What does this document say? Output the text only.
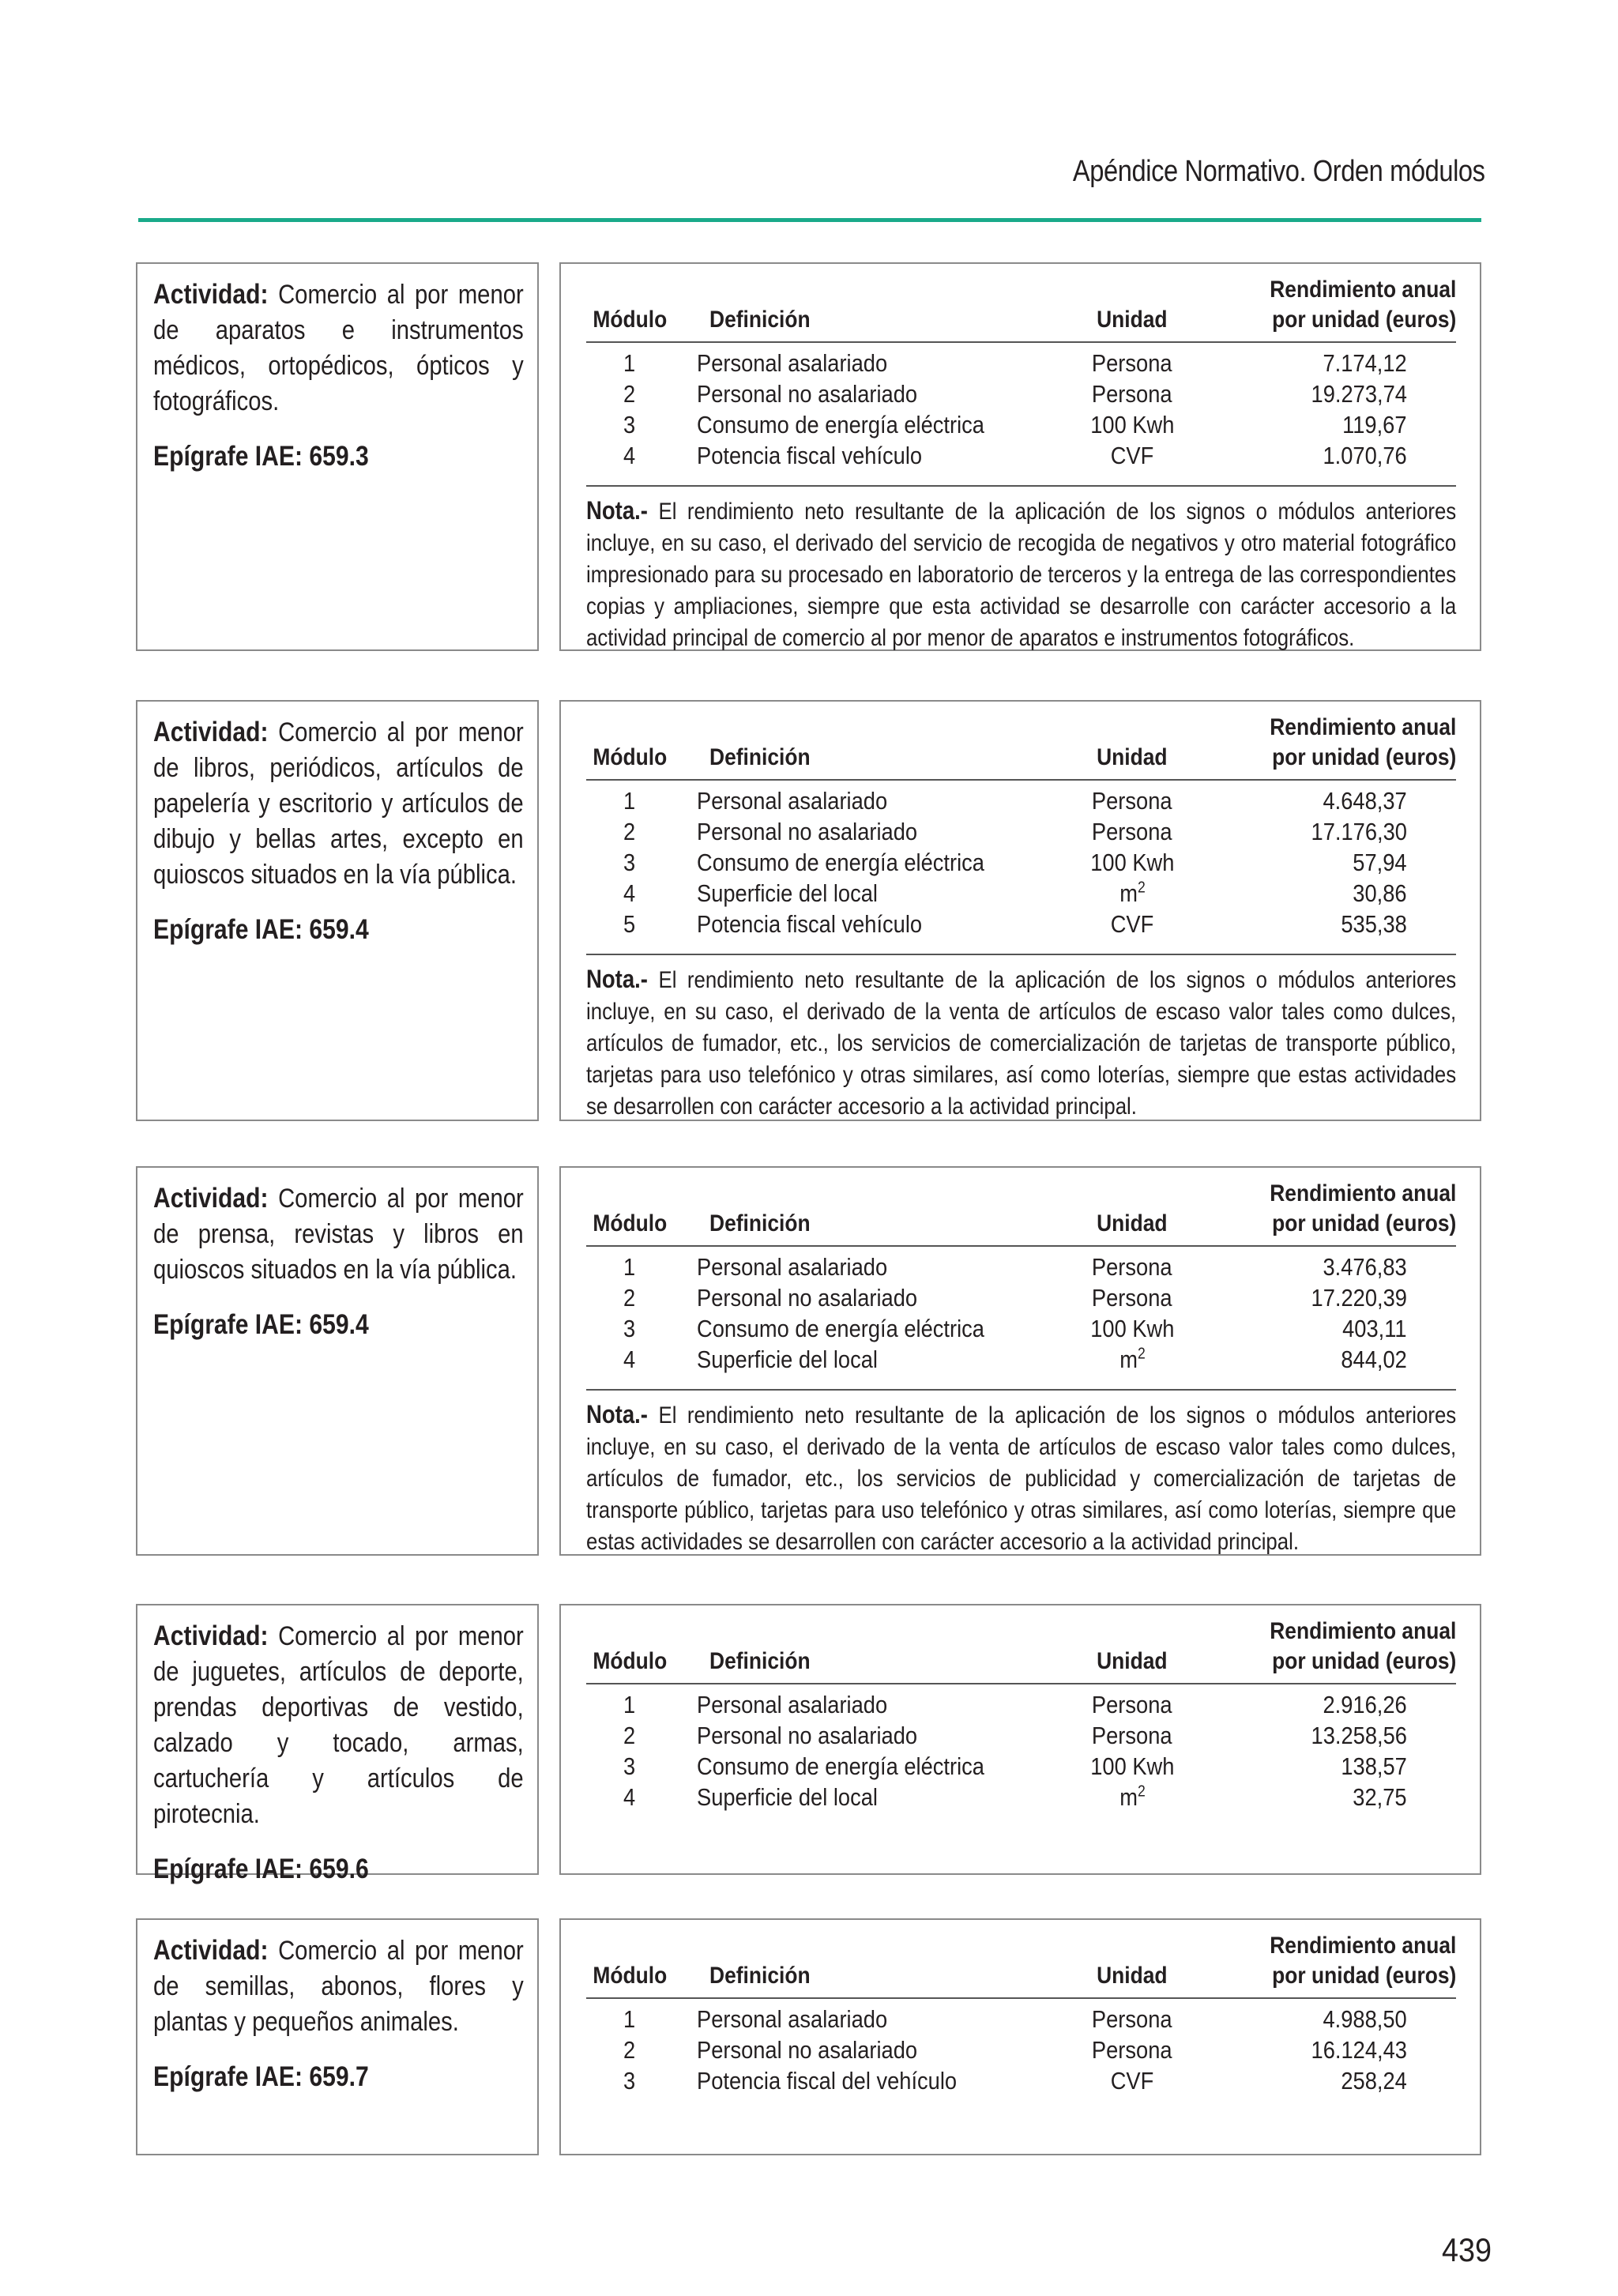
Apéndice Normativo. Orden módulos
Actividad: Comercio al por menor de aparatos e instrumentos médicos, ortopédicos, ópticos y fotográficos.
Epígrafe IAE: 659.3
Módulo	Definición	Unidad	Rendimiento anual
por unidad (euros)
1	Personal asalariado	Persona	7.174,12
2	Personal no asalariado	Persona	19.273,74
3	Consumo de energía eléctrica	100 Kwh	119,67
4	Potencia fiscal vehículo	CVF	1.070,76
Nota.- El rendimiento neto resultante de la aplicación de los signos o módulos anteriores incluye, en su caso, el derivado del servicio de recogida de negativos y otro material fotográfico impresionado para su procesado en laboratorio de terceros y la entrega de las correspondientes copias y ampliaciones, siempre que esta actividad se desarrolle con carácter accesorio a la actividad principal de comercio al por menor de aparatos e instrumentos fotográficos.
Actividad: Comercio al por menor de libros, periódicos, artículos de papelería y escritorio y artículos de dibujo y bellas artes, excepto en quioscos situados en la vía pública.
Epígrafe IAE: 659.4
Módulo	Definición	Unidad	Rendimiento anual
por unidad (euros)
1	Personal asalariado	Persona	4.648,37
2	Personal no asalariado	Persona	17.176,30
3	Consumo de energía eléctrica	100 Kwh	57,94
4	Superficie del local	$m^2$	30,86
5	Potencia fiscal vehículo	CVF	535,38
Nota.- El rendimiento neto resultante de la aplicación de los signos o módulos anteriores incluye, en su caso, el derivado de la venta de artículos de escaso valor tales como dulces, artículos de fumador, etc., los servicios de comercialización de tarjetas de transporte público, tarjetas para uso telefónico y otras similares, así como loterías, siempre que estas actividades se desarrollen con carácter accesorio a la actividad principal.
Actividad: Comercio al por menor de prensa, revistas y libros en quioscos situados en la vía pública.
Epígrafe IAE: 659.4
Módulo	Definición	Unidad	Rendimiento anual
por unidad (euros)
1	Personal asalariado	Persona	3.476,83
2	Personal no asalariado	Persona	17.220,39
3	Consumo de energía eléctrica	100 Kwh	403,11
4	Superficie del local	$m^2$	844,02
Nota.- El rendimiento neto resultante de la aplicación de los signos o módulos anteriores incluye, en su caso, el derivado de la venta de artículos de escaso valor tales como dulces, artículos de fumador, etc., los servicios de publicidad y comercialización de tarjetas de transporte público, tarjetas para uso telefónico y otras similares, así como loterías, siempre que estas actividades se desarrollen con carácter accesorio a la actividad principal.
Actividad: Comercio al por menor de juguetes, artículos de deporte, prendas deportivas de vestido, calzado y tocado, armas, cartuchería y artículos de pirotecnia.
Epígrafe IAE: 659.6
Módulo	Definición	Unidad	Rendimiento anual
por unidad (euros)
1	Personal asalariado	Persona	2.916,26
2	Personal no asalariado	Persona	13.258,56
3	Consumo de energía eléctrica	100 Kwh	138,57
4	Superficie del local	$m^2$	32,75
Actividad: Comercio al por menor de semillas, abonos, flores y plantas y pequeños animales.
Epígrafe IAE: 659.7
Módulo	Definición	Unidad	Rendimiento anual
por unidad (euros)
1	Personal asalariado	Persona	4.988,50
2	Personal no asalariado	Persona	16.124,43
3	Potencia fiscal del vehículo	CVF	258,24
439
